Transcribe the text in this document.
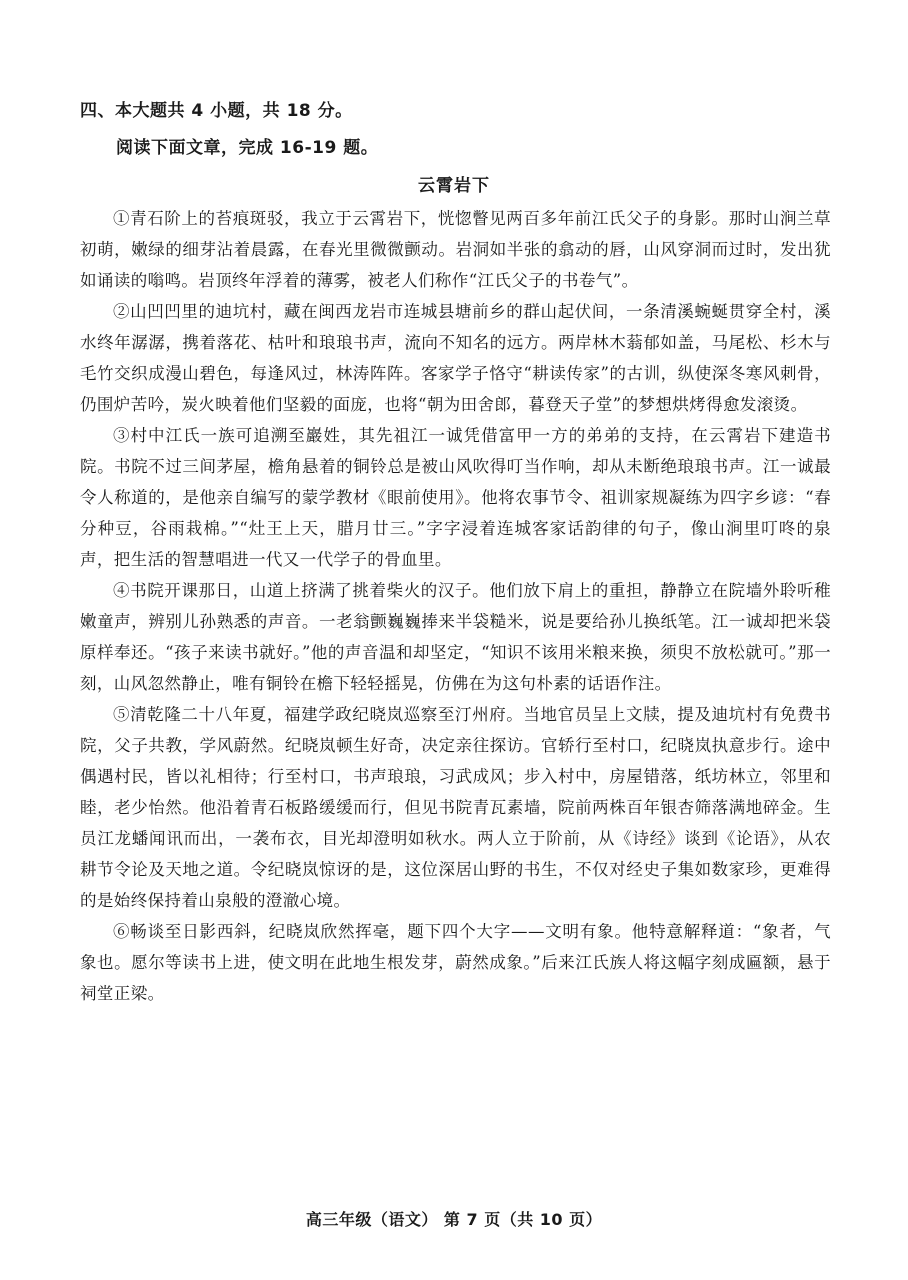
四、本大题共 4 小题，共 18 分。
阅读下面文章，完成 16-19 题。
云霄岩下

①青石阶上的苔痕斑驳，我立于云霄岩下，恍惚瞥见两百多年前江氏父子的身影。那时山涧兰草初萌，嫩绿的细芽沾着晨露，在春光里微微颤动。岩洞如半张的翕动的唇，山风穿洞而过时，发出犹如诵读的嗡鸣。岩顶终年浮着的薄雾，被老人们称作“江氏父子的书卷气”。

②山凹凹里的迪坑村，藏在闽西龙岩市连城县塘前乡的群山起伏间，一条清溪蜿蜒贯穿全村，溪水终年潺潺，携着落花、枯叶和琅琅书声，流向不知名的远方。两岸林木蓊郁如盖，马尾松、杉木与毛竹交织成漫山碧色，每逢风过，林涛阵阵。客家学子恪守“耕读传家”的古训，纵使深冬寒风刺骨，仍围炉苦吟，炭火映着他们坚毅的面庞，也将“朝为田舍郎，暮登天子堂”的梦想烘烤得愈发滚烫。

③村中江氏一族可追溯至巖姓，其先祖江一诚凭借富甲一方的弟弟的支持，在云霄岩下建造书院。书院不过三间茅屋，檐角悬着的铜铃总是被山风吹得叮当作响，却从未断绝琅琅书声。江一诚最令人称道的，是他亲自编写的蒙学教材《眼前使用》。他将农事节令、祖训家规凝练为四字乡谚：“春分种豆，谷雨栽棉。”“灶王上天，腊月廿三。”字字浸着连城客家话韵律的句子，像山涧里叮咚的泉声，把生活的智慧唱进一代又一代学子的骨血里。

④书院开课那日，山道上挤满了挑着柴火的汉子。他们放下肩上的重担，静静立在院墙外聆听稚嫩童声，辨别儿孙熟悉的声音。一老翁颤巍巍捧来半袋糙米，说是要给孙儿换纸笔。江一诚却把米袋原样奉还。“孩子来读书就好。”他的声音温和却坚定，“知识不该用米粮来换，须臾不放松就可。”那一刻，山风忽然静止，唯有铜铃在檐下轻轻摇晃，仿佛在为这句朴素的话语作注。

⑤清乾隆二十八年夏，福建学政纪晓岚巡察至汀州府。当地官员呈上文牍，提及迪坑村有免费书院，父子共教，学风蔚然。纪晓岚顿生好奇，决定亲往探访。官轿行至村口，纪晓岚执意步行。途中偶遇村民，皆以礼相待；行至村口，书声琅琅，习武成风；步入村中，房屋错落，纸坊林立，邻里和睦，老少怡然。他沿着青石板路缓缓而行，但见书院青瓦素墙，院前两株百年银杏筛落满地碎金。生员江龙蟠闻讯而出，一袭布衣，目光却澄明如秋水。两人立于阶前，从《诗经》谈到《论语》，从农耕节令论及天地之道。令纪晓岚惊讶的是，这位深居山野的书生，不仅对经史子集如数家珍，更难得的是始终保持着山泉般的澄澈心境。

⑥畅谈至日影西斜，纪晓岚欣然挥毫，题下四个大字——文明有象。他特意解释道：“象者，气象也。愿尔等读书上进，使文明在此地生根发芽，蔚然成象。”后来江氏族人将这幅字刻成匾额，悬于祠堂正梁。

高三年级（语文） 第 7 页（共 10 页）
